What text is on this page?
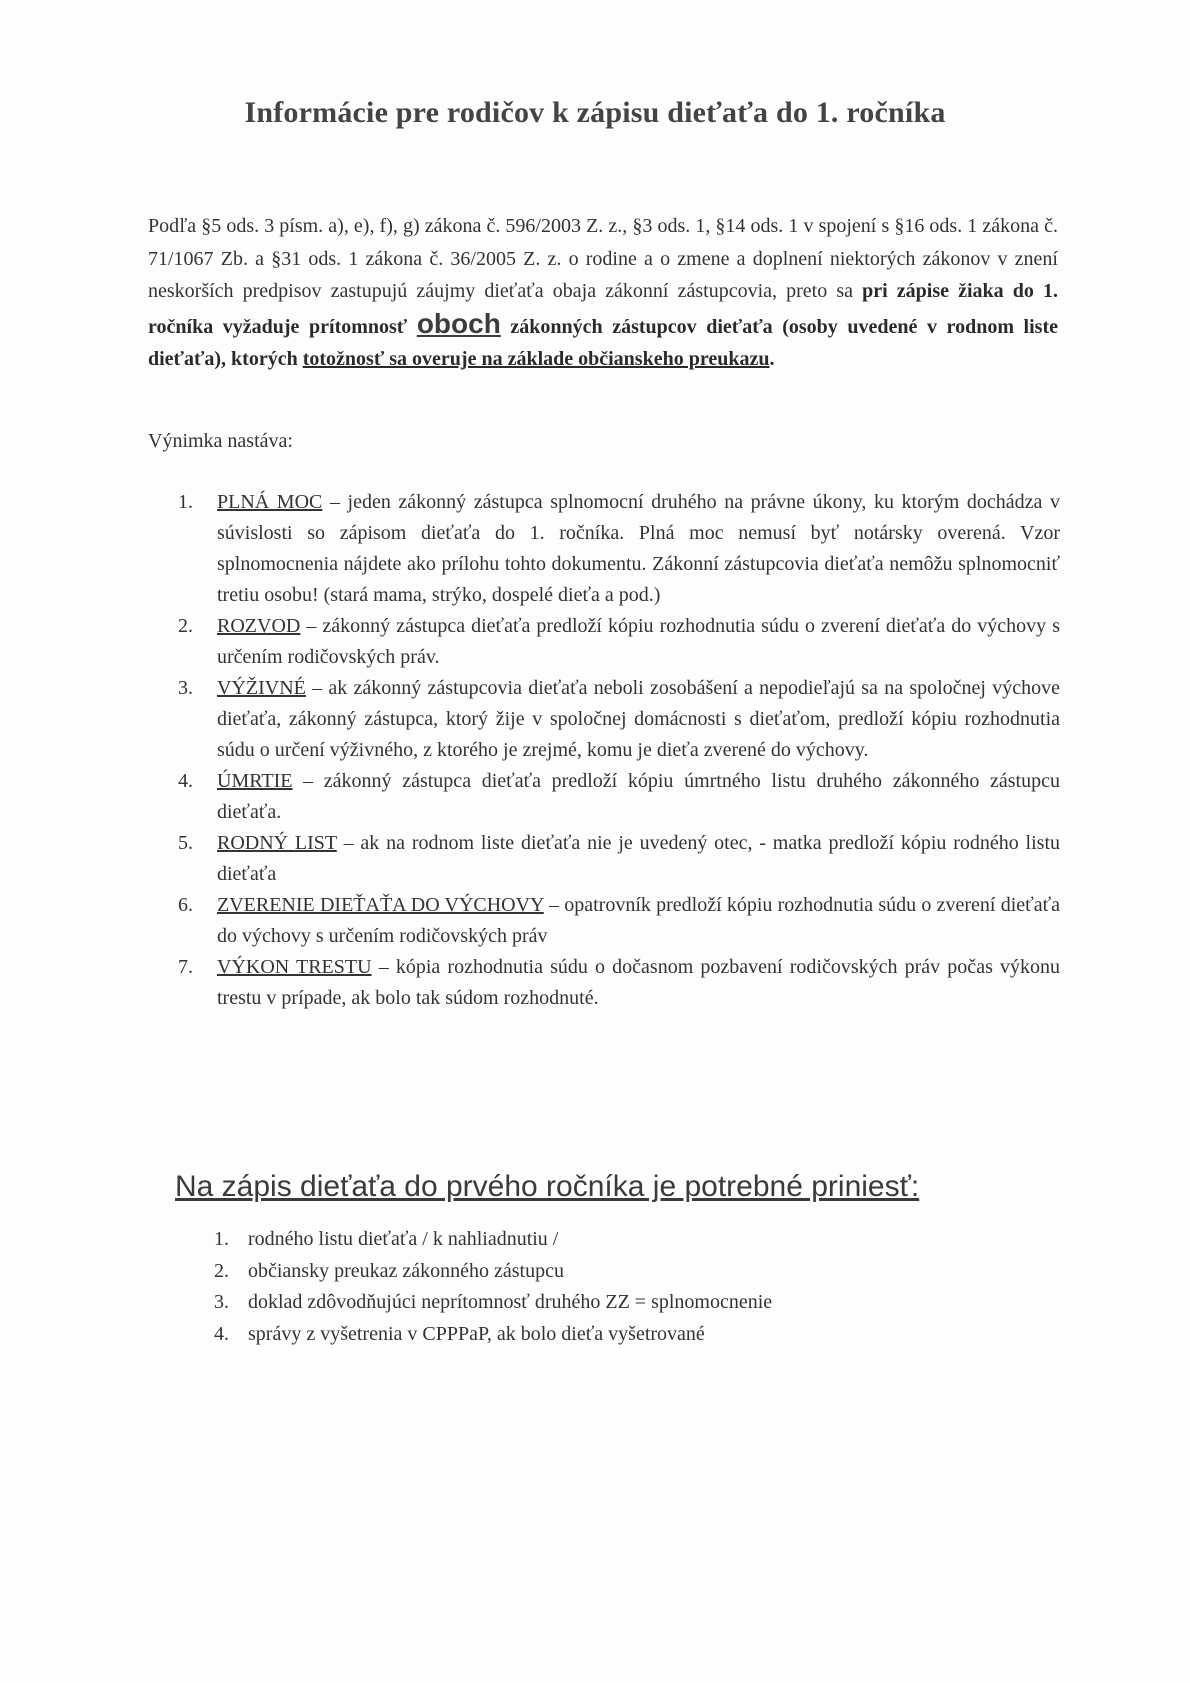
Informácie pre rodičov k zápisu dieťaťa do 1. ročníka
Podľa §5 ods. 3 písm. a), e), f), g) zákona č. 596/2003 Z. z., §3 ods. 1, §14 ods. 1 v spojení s §16 ods. 1 zákona č. 71/1067 Zb. a §31 ods. 1 zákona č. 36/2005 Z. z. o rodine a o zmene a doplnení niektorých zákonov v znení neskorších predpisov zastupujú záujmy dieťaťa obaja zákonní zástupcovia, preto sa pri zápise žiaka do 1. ročníka vyžaduje prítomnosť oboch zákonných zástupcov dieťaťa (osoby uvedené v rodnom liste dieťaťa), ktorých totožnosť sa overuje na základe občianskeho preukazu.
Výnimka nastáva:
1. PLNÁ MOC – jeden zákonný zástupca splnomocní druhého na právne úkony, ku ktorým dochádza v súvislosti so zápisom dieťaťa do 1. ročníka. Plná moc nemusí byť notársky overená. Vzor splnomocnenia nájdete ako prílohu tohto dokumentu. Zákonní zástupcovia dieťaťa nemôžu splnomocniť tretiu osobu! (stará mama, strýko, dospelé dieťa a pod.)
2. ROZVOD – zákonný zástupca dieťaťa predloží kópiu rozhodnutia súdu o zverení dieťaťa do výchovy s určením rodičovských práv.
3. VÝŽIVNÉ – ak zákonný zástupcovia dieťaťa neboli zosobášení a nepodieľajú sa na spoločnej výchove dieťaťa, zákonný zástupca, ktorý žije v spoločnej domácnosti s dieťaťom, predloží kópiu rozhodnutia súdu o určení výživného, z ktorého je zrejmé, komu je dieťa zverené do výchovy.
4. ÚMRTIE – zákonný zástupca dieťaťa predloží kópiu úmrtného listu druhého zákonného zástupcu dieťaťa.
5. RODNÝ LIST – ak na rodnom liste dieťaťa nie je uvedený otec, - matka predloží kópiu rodného listu dieťaťa
6. ZVERENIE DIEŤAŤA DO VÝCHOVY – opatrovník predloží kópiu rozhodnutia súdu o zverení dieťaťa do výchovy s určením rodičovských práv
7. VÝKON TRESTU – kópia rozhodnutia súdu o dočasnom pozbavení rodičovských práv počas výkonu trestu v prípade, ak bolo tak súdom rozhodnuté.
Na zápis dieťaťa do prvého ročníka je potrebné priniesť:
1. rodného listu dieťaťa / k nahliadnutiu /
2. občiansky preukaz zákonného zástupcu
3. doklad zdôvodňujúci neprítomnosť druhého ZZ = splnomocnenie
4. správy z vyšetrenia v CPPPaP, ak bolo dieťa vyšetrované
